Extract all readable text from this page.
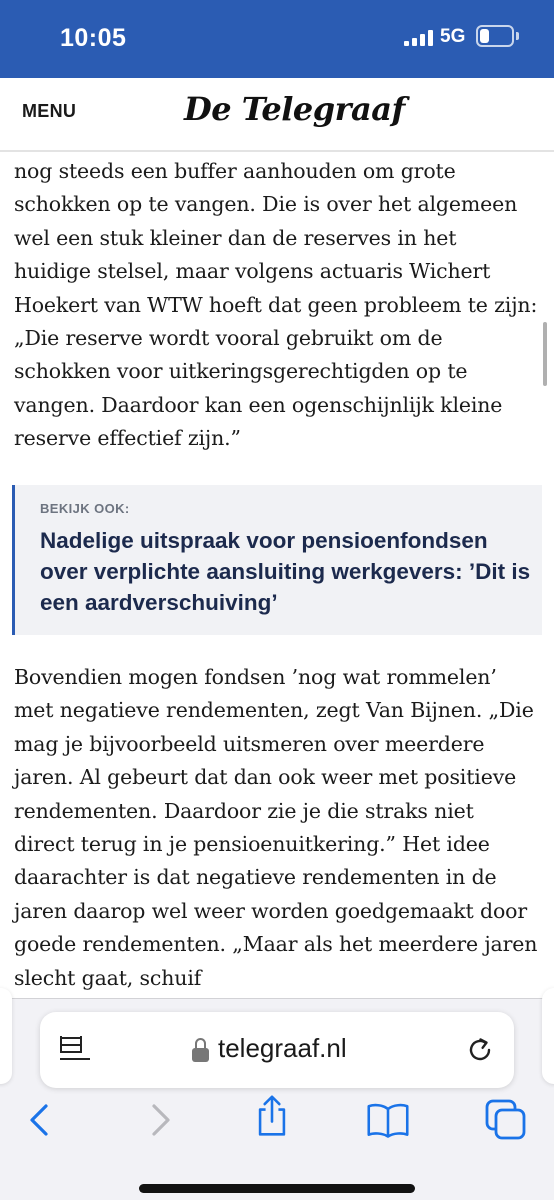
10:05	5G
MENU	De Telegraaf

nog steeds een buffer aanhouden om grote schokken op te vangen. Die is over het algemeen wel een stuk kleiner dan de reserves in het huidige stelsel, maar volgens actuaris Wichert Hoekert van WTW hoeft dat geen probleem te zijn: „Die reserve wordt vooral gebruikt om de schokken voor uitkeringsgerechtigden op te vangen. Daardoor kan een ogenschijnlijk kleine reserve effectief zijn.”

BEKIJK OOK:
Nadelige uitspraak voor pensioenfondsen over verplichte aansluiting werkgevers: ’Dit is een aardverschuiving’

Bovendien mogen fondsen ’nog wat rommelen’ met negatieve rendementen, zegt Van Bijnen. „Die mag je bijvoorbeeld uitsmeren over meerdere jaren. Al gebeurt dat dan ook weer met positieve rendementen. Daardoor zie je die straks niet direct terug in je pensioenuitkering.” Het idee daarachter is dat negatieve rendementen in de jaren daarop wel weer worden goedgemaakt door goede rendementen. „Maar als het meerdere jaren slecht gaat, schuif

telegraaf.nl
